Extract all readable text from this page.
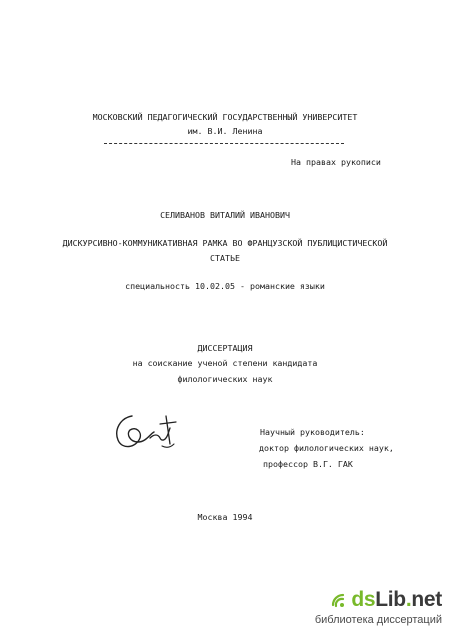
МОСКОВСКИЙ ПЕДАГОГИЧЕСКИЙ ГОСУДАРСТВЕННЫЙ УНИВЕРСИТЕТ
им. В.И. Ленина
На правах рукописи
СЕЛИВАНОВ ВИТАЛИЙ ИВАНОВИЧ
ДИСКУРСИВНО-КОММУНИКАТИВНАЯ РАМКА ВО ФРАНЦУЗСКОЙ ПУБЛИЦИСТИЧЕСКОЙ
СТАТЬЕ
специальность 10.02.05 - романские языки
ДИССЕРТАЦИЯ
на соискание ученой степени кандидата
филологических наук
Научный руководитель:
доктор филологических наук,
профессор В.Г. ГАК
Москва 1994
dsLib.net
библиотека диссертаций
